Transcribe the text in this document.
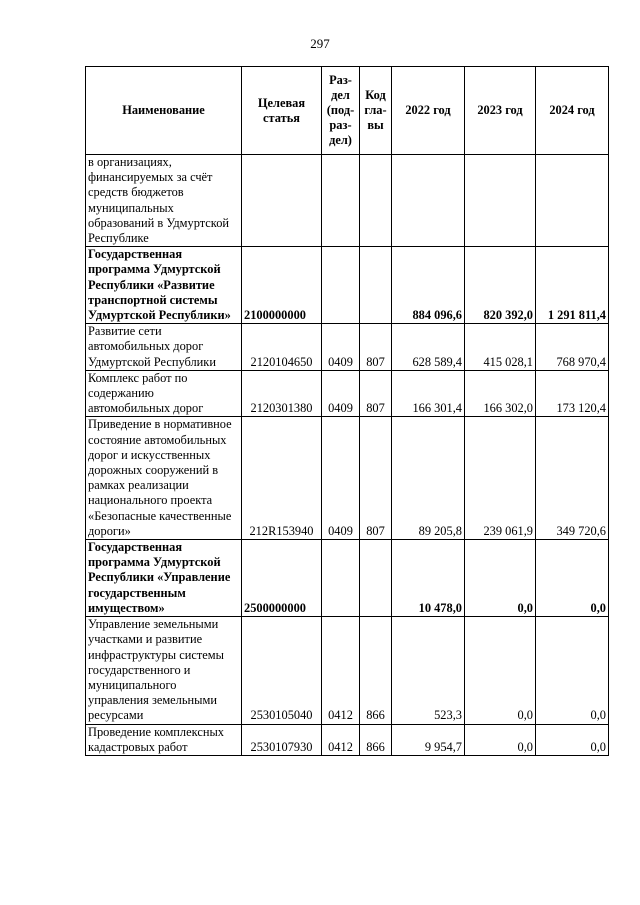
297
Наименование	Целевая статья	Раз-дел (под-раз-дел)	Код гла-вы	2022 год	2023 год	2024 год
в организациях, финансируемых за счёт средств бюджетов муниципальных образований в Удмуртской Республике						
Государственная программа Удмуртской Республики «Развитие транспортной системы Удмуртской Республики»	2100000000			884 096,6	820 392,0	1 291 811,4
Развитие сети автомобильных дорог Удмуртской Республики	2120104650	0409	807	628 589,4	415 028,1	768 970,4
Комплекс работ по содержанию автомобильных дорог	2120301380	0409	807	166 301,4	166 302,0	173 120,4
Приведение в нормативное состояние автомобильных дорог и искусственных дорожных сооружений в рамках реализации национального проекта «Безопасные качественные дороги»	212R153940	0409	807	89 205,8	239 061,9	349 720,6
Государственная программа Удмуртской Республики «Управление государственным имуществом»	2500000000			10 478,0	0,0	0,0
Управление земельными участками и развитие инфраструктуры системы государственного и муниципального управления земельными ресурсами	2530105040	0412	866	523,3	0,0	0,0
Проведение комплексных кадастровых работ	2530107930	0412	866	9 954,7	0,0	0,0
